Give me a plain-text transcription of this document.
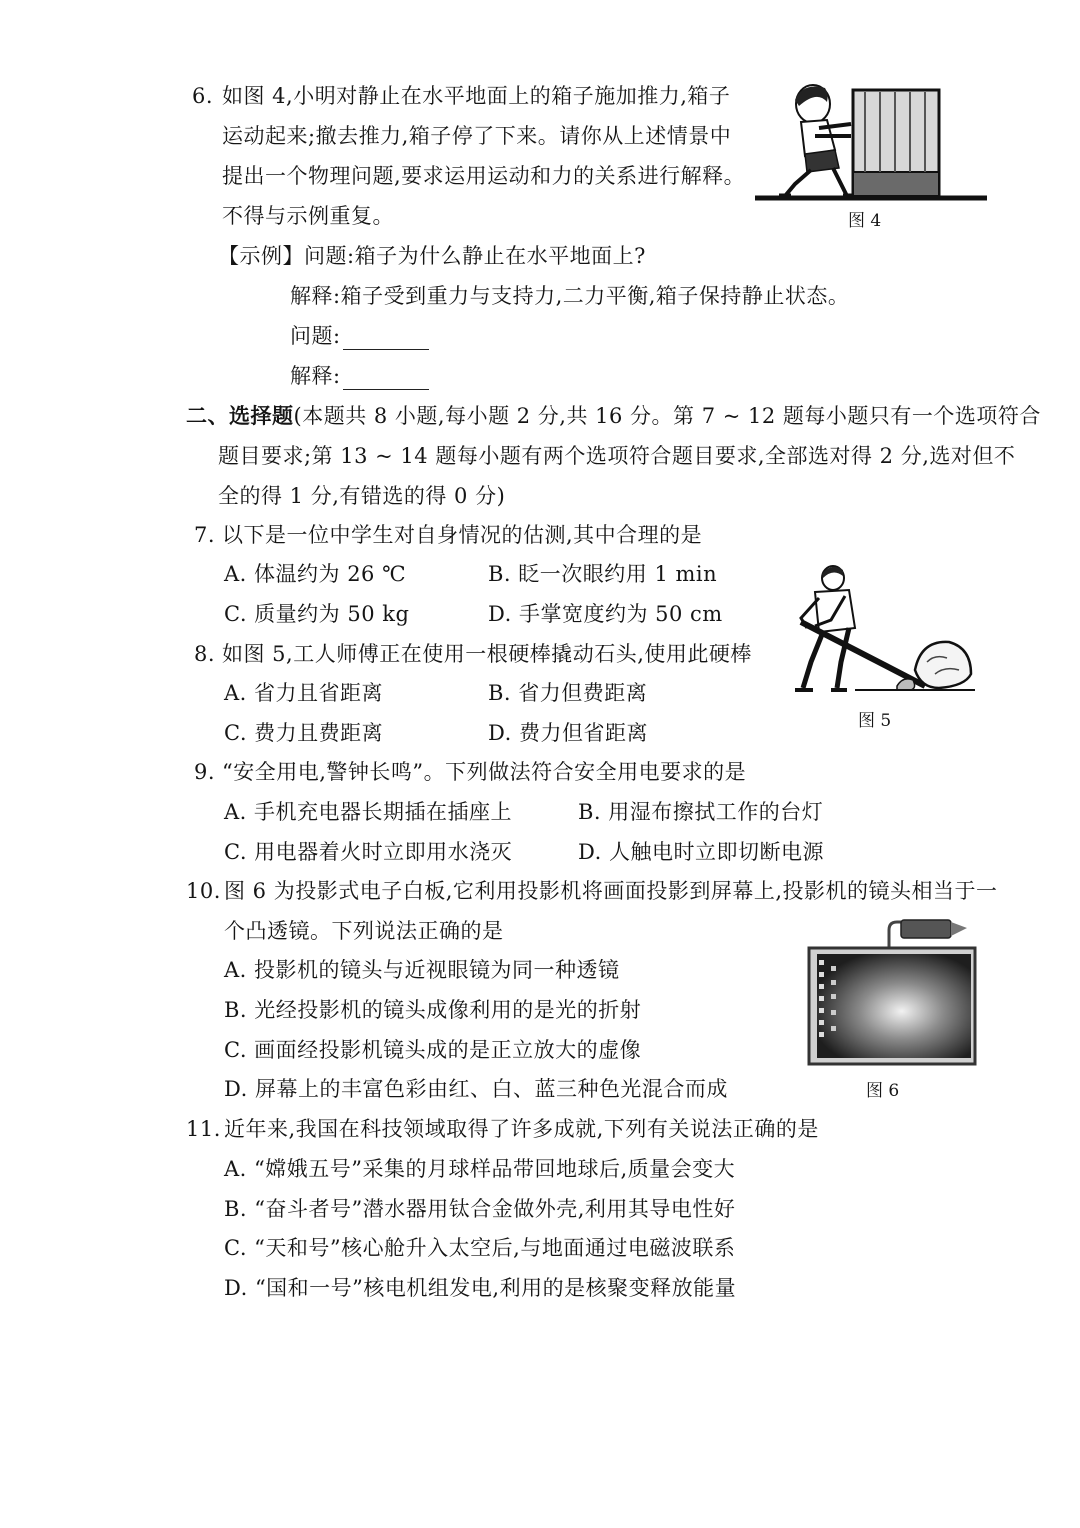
6. 如图 4,小明对静止在水平地面上的箱子施加推力,箱子
运动起来;撤去推力,箱子停了下来。请你从上述情景中
提出一个物理问题,要求运用运动和力的关系进行解释。
不得与示例重复。
【示例】问题:箱子为什么静止在水平地面上?
解释:箱子受到重力与支持力,二力平衡,箱子保持静止状态。
问题:
解释:
图 4
二、选择题(本题共 8 小题,每小题 2 分,共 16 分。第 7 ~ 12 题每小题只有一个选项符合
题目要求;第 13 ~ 14 题每小题有两个选项符合题目要求,全部选对得 2 分,选对但不
全的得 1 分,有错选的得 0 分)
7. 以下是一位中学生对自身情况的估测,其中合理的是
A. 体温约为 26 ℃	B. 眨一次眼约用 1 min
C. 质量约为 50 kg	D. 手掌宽度约为 50 cm
8. 如图 5,工人师傅正在使用一根硬棒撬动石头,使用此硬棒
A. 省力且省距离	B. 省力但费距离
C. 费力且费距离	D. 费力但省距离	图 5
9. “安全用电,警钟长鸣”。下列做法符合安全用电要求的是
A. 手机充电器长期插在插座上	B. 用湿布擦拭工作的台灯
C. 用电器着火时立即用水浇灭	D. 人触电时立即切断电源
10. 图 6 为投影式电子白板,它利用投影机将画面投影到屏幕上,投影机的镜头相当于一
个凸透镜。下列说法正确的是
A. 投影机的镜头与近视眼镜为同一种透镜
B. 光经投影机的镜头成像利用的是光的折射
C. 画面经投影机镜头成的是正立放大的虚像
D. 屏幕上的丰富色彩由红、白、蓝三种色光混合而成	图 6
11. 近年来,我国在科技领域取得了许多成就,下列有关说法正确的是
A. “嫦娥五号”采集的月球样品带回地球后,质量会变大
B. “奋斗者号”潜水器用钛合金做外壳,利用其导电性好
C. “天和号”核心舱升入太空后,与地面通过电磁波联系
D. “国和一号”核电机组发电,利用的是核聚变释放能量
